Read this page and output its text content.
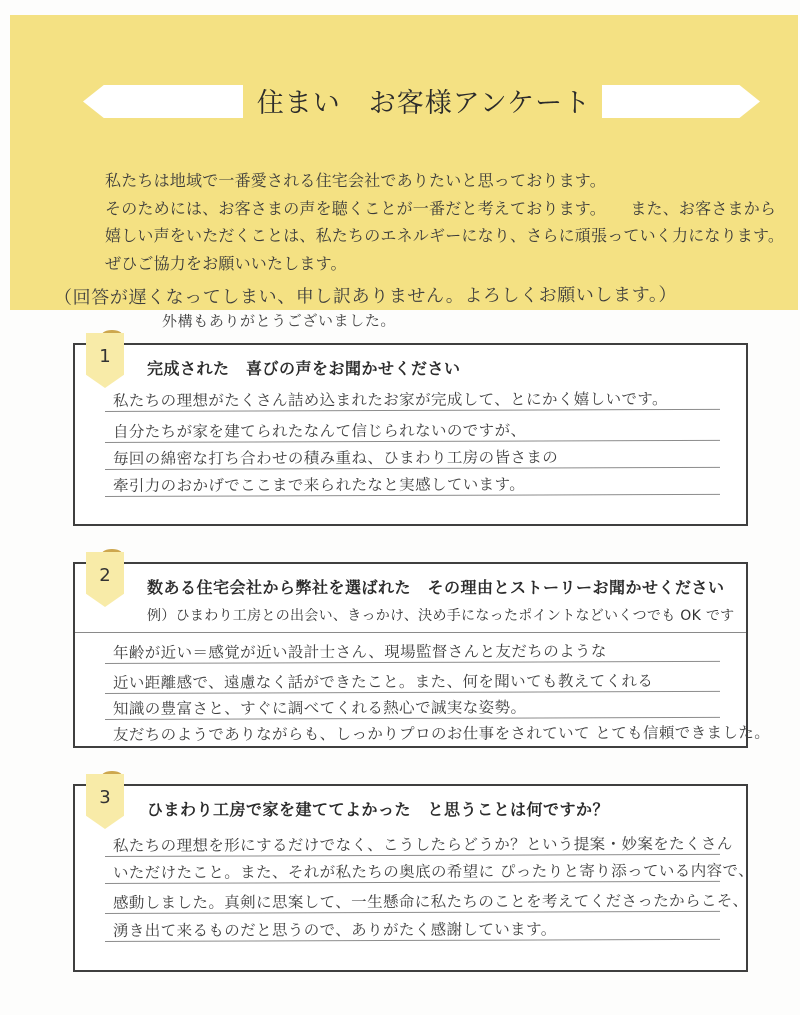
住まい　お客様アンケート

私たちは地域で一番愛される住宅会社でありたいと思っております。

そのためには、お客さまの声を聴くことが一番だと考えております。　　また、お客さまから

嬉しい声をいただくことは、私たちのエネルギーになり、さらに頑張っていく力になります。

ぜひご協力をお願いいたします。

（回答が遅くなってしまい、申し訳ありません。よろしくお願いします。）
外構もありがとうございました。
1
完成された　喜びの声をお聞かせください
私たちの理想がたくさん詰め込まれたお家が完成して、とにかく嬉しいです。
自分たちが家を建てられたなんて信じられないのですが、
毎回の綿密な打ち合わせの積み重ね、ひまわり工房の皆さまの
牽引力のおかげでここまで来られたなと実感しています。
2
数ある住宅会社から弊社を選ばれた　その理由とストーリーお聞かせください
例）ひまわり工房との出会い、きっかけ、決め手になったポイントなどいくつでも OK です
年齢が近い＝感覚が近い設計士さん、現場監督さんと友だちのような
近い距離感で、遠慮なく話ができたこと。また、何を聞いても教えてくれる
知識の豊富さと、すぐに調べてくれる熱心で誠実な姿勢。
友だちのようでありながらも、しっかりプロのお仕事をされていて とても信頼できました。
3
ひまわり工房で家を建ててよかった　と思うことは何ですか？
私たちの理想を形にするだけでなく、こうしたらどうか？という提案・妙案をたくさん
いただけたこと。また、それが私たちの奥底の希望に ぴったりと寄り添っている内容で、
感動しました。真剣に思案して、一生懸命に私たちのことを考えてくださったからこそ、
湧き出て来るものだと思うので、ありがたく感謝しています。
